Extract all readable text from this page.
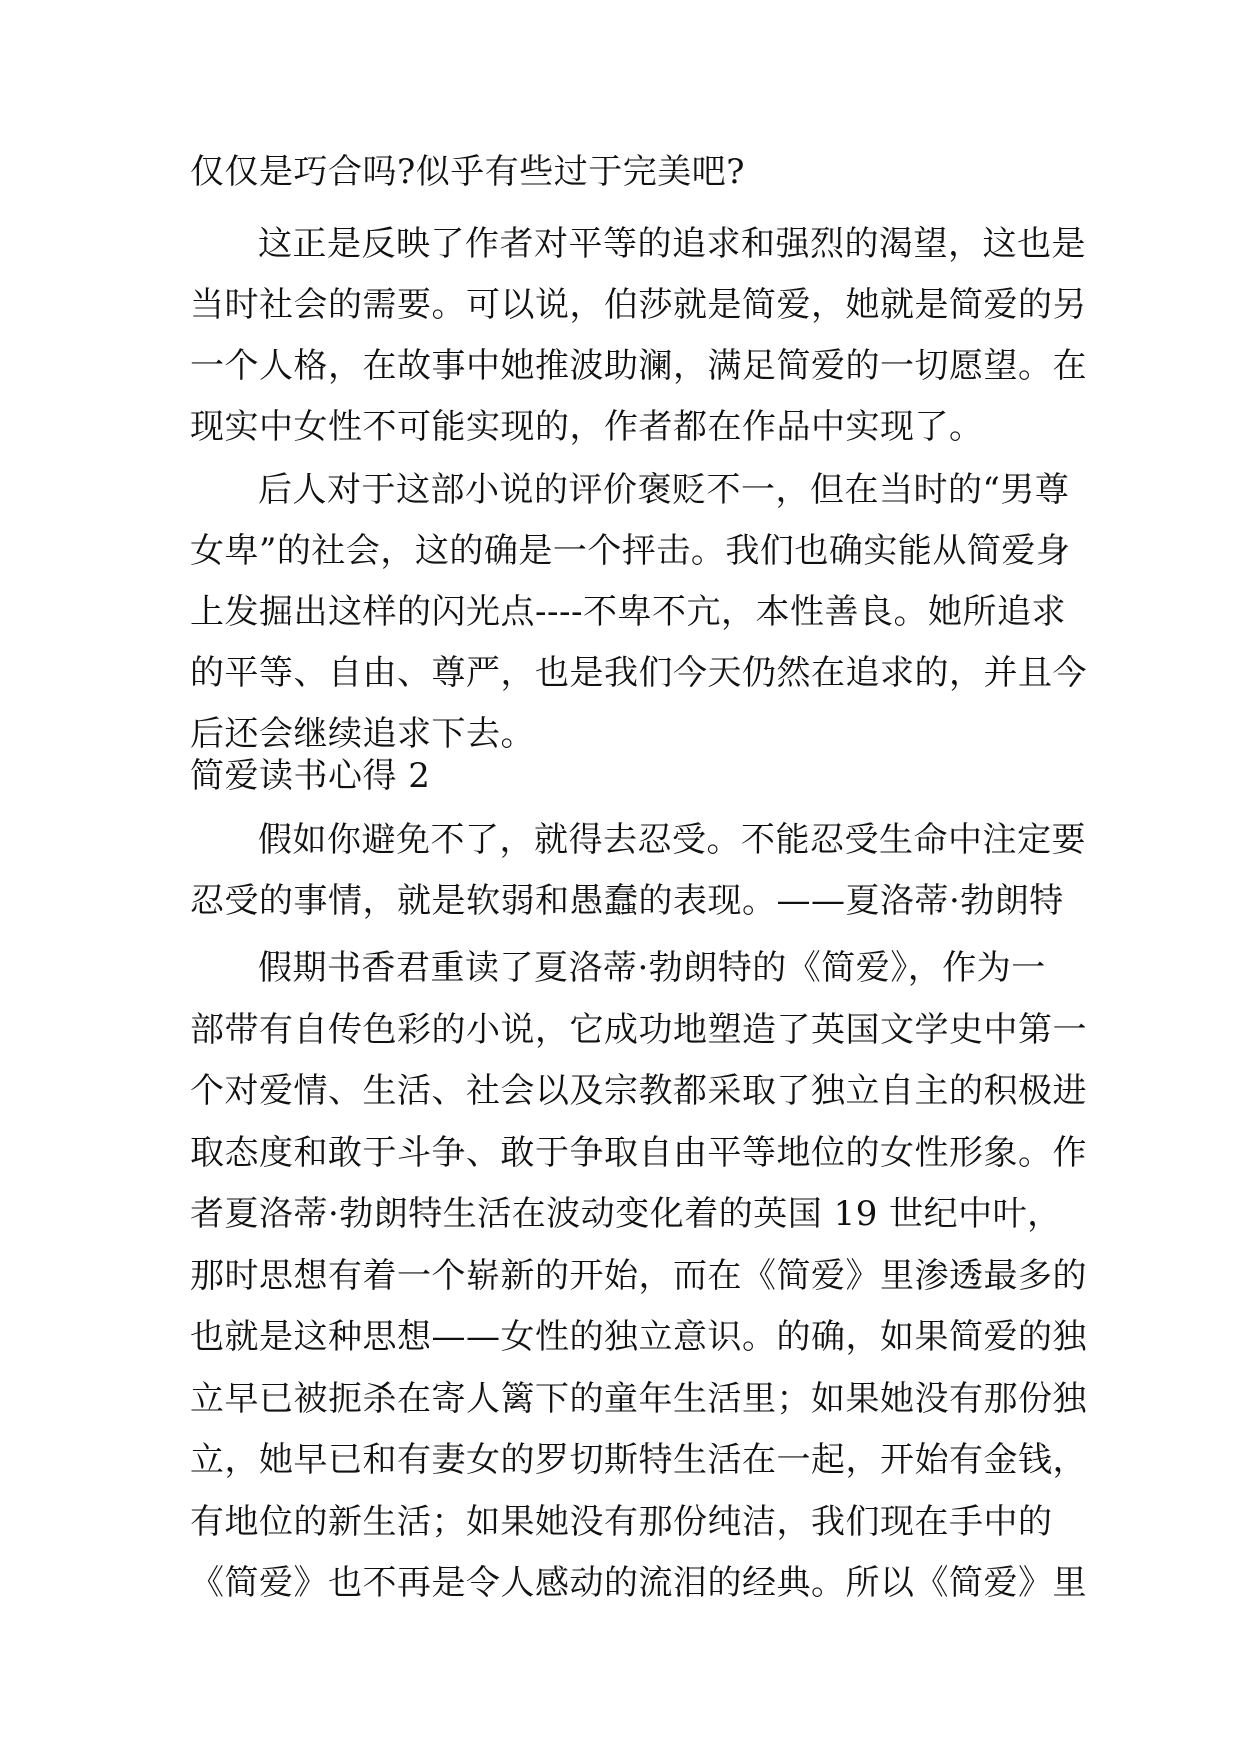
仅仅是巧合吗?似乎有些过于完美吧?

这正是反映了作者对平等的追求和强烈的渴望，这也是

当时社会的需要。可以说，伯莎就是简爱，她就是简爱的另

一个人格，在故事中她推波助澜，满足简爱的一切愿望。在

现实中女性不可能实现的，作者都在作品中实现了。

后人对于这部小说的评价褒贬不一，但在当时的“男尊

女卑”的社会，这的确是一个抨击。我们也确实能从简爱身

上发掘出这样的闪光点----不卑不亢，本性善良。她所追求

的平等、自由、尊严，也是我们今天仍然在追求的，并且今

后还会继续追求下去。

简爱读书心得 2

假如你避免不了，就得去忍受。不能忍受生命中注定要

忍受的事情，就是软弱和愚蠢的表现。——夏洛蒂·勃朗特

假期书香君重读了夏洛蒂·勃朗特的《简爱》，作为一

部带有自传色彩的小说，它成功地塑造了英国文学史中第一

个对爱情、生活、社会以及宗教都采取了独立自主的积极进

取态度和敢于斗争、敢于争取自由平等地位的女性形象。作

者夏洛蒂·勃朗特生活在波动变化着的英国 19 世纪中叶，

那时思想有着一个崭新的开始，而在《简爱》里渗透最多的

也就是这种思想——女性的独立意识。的确，如果简爱的独

立早已被扼杀在寄人篱下的童年生活里；如果她没有那份独

立，她早已和有妻女的罗切斯特生活在一起，开始有金钱，

有地位的新生活；如果她没有那份纯洁，我们现在手中的

《简爱》也不再是令人感动的流泪的经典。所以《简爱》里
